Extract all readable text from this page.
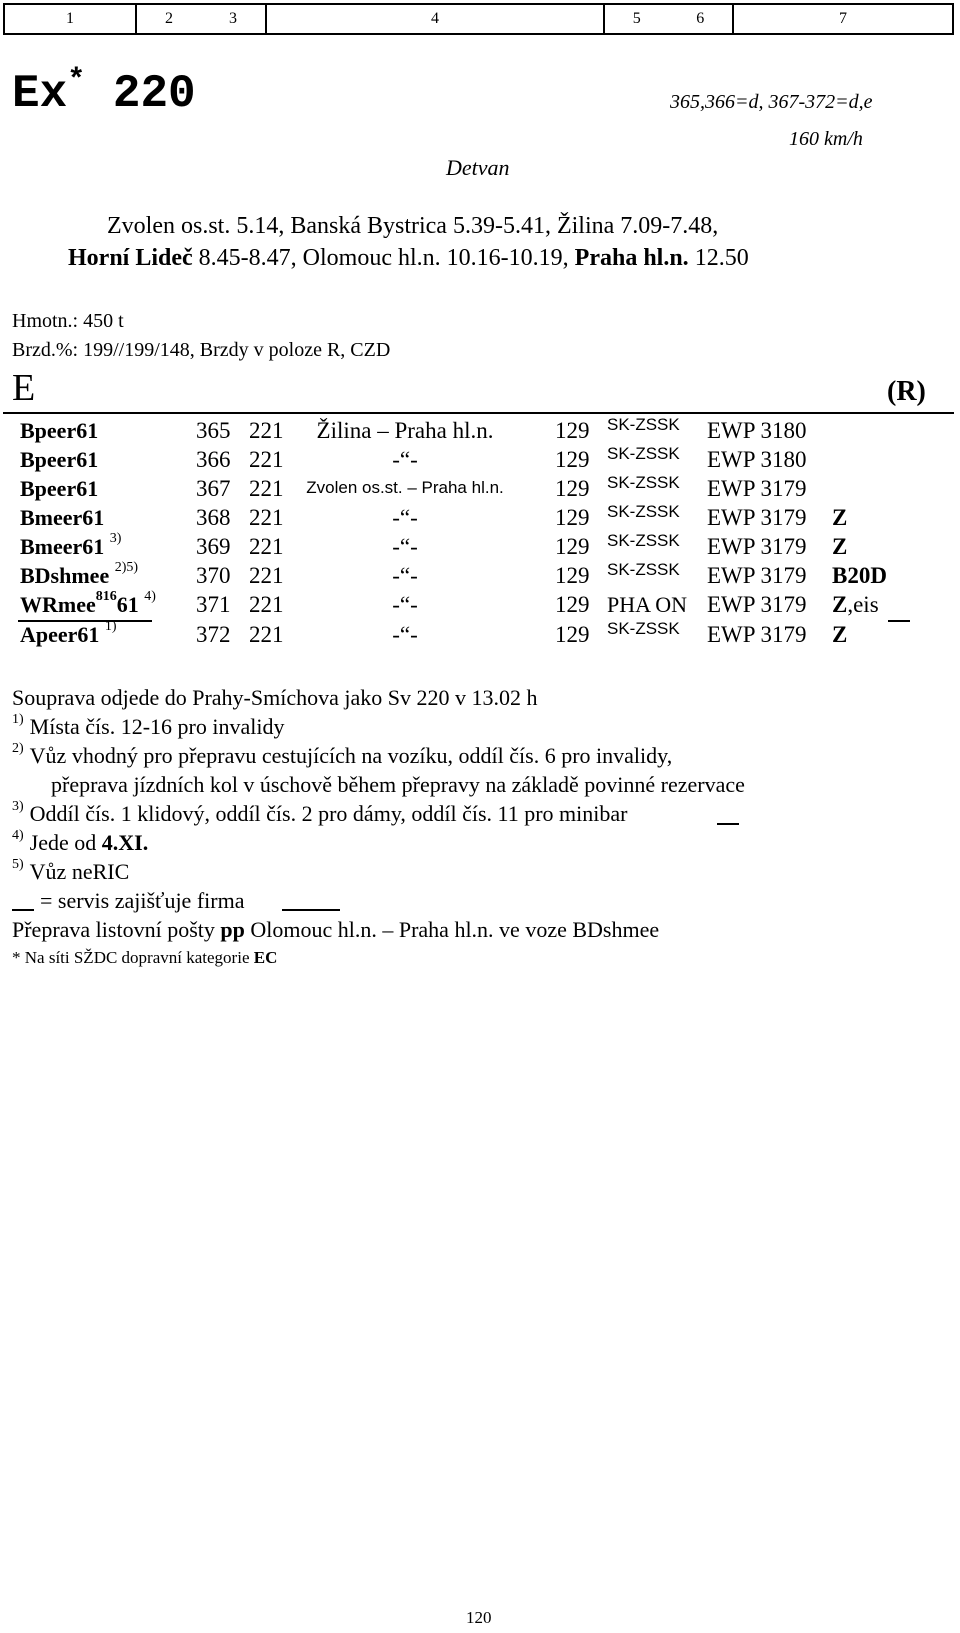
1	2	3	4	5	6	7
Ex* 220	365,366=d, 367-372=d,e
160 km/h
Detvan
Zvolen os.st. 5.14, Banská Bystrica 5.39-5.41, Žilina 7.09-7.48,
Horní Lideč 8.45-8.47, Olomouc hl.n. 10.16-10.19, Praha hl.n. 12.50
Hmotn.: 450 t
Brzd.%: 199//199/148, Brzdy v poloze R, CZD
E	(R)
Bpeer61	365 221	Žilina – Praha hl.n.	129 SK-ZSSK EWP 3180
Bpeer61	366 221	-“-	129 SK-ZSSK EWP 3180
Bpeer61	367 221	Zvolen os.st. – Praha hl.n.	129 SK-ZSSK EWP 3179
Bmeer61	368 221	-“-	129 SK-ZSSK EWP 3179 Z
Bmeer61 $^{3)}$	369 221	-“-	129 SK-ZSSK EWP 3179 Z
BDshmee $^{2)5)}$	370 221	-“-	129 SK-ZSSK EWP 3179 B20D
WRmee$^{816}$61 $^{4)}$ 371 221	-“-	129 PHA ON EWP 3179 Z,eis
Apeer61 $^{1)}$	372 221	-“-	129 SK-ZSSK EWP 3179 Z
Souprava odjede do Prahy-Smíchova jako Sv 220 v 13.02 h
$^{1)}$ Místa čís. 12-16 pro invalidy
$^{2)}$ Vůz vhodný pro přepravu cestujících na vozíku, oddíl čís. 6 pro invalidy,
přeprava jízdních kol v úschově během přepravy na základě povinné rezervace
$^{3)}$ Oddíl čís. 1 klidový, oddíl čís. 2 pro dámy, oddíl čís. 11 pro minibar
$^{4)}$ Jede od 4.XI.
$^{5)}$ Vůz neRIC
= servis zajišťuje firma
Přeprava listovní pošty pp Olomouc hl.n. – Praha hl.n. ve voze BDshmee
* Na síti SŽDC dopravní kategorie EC
120
